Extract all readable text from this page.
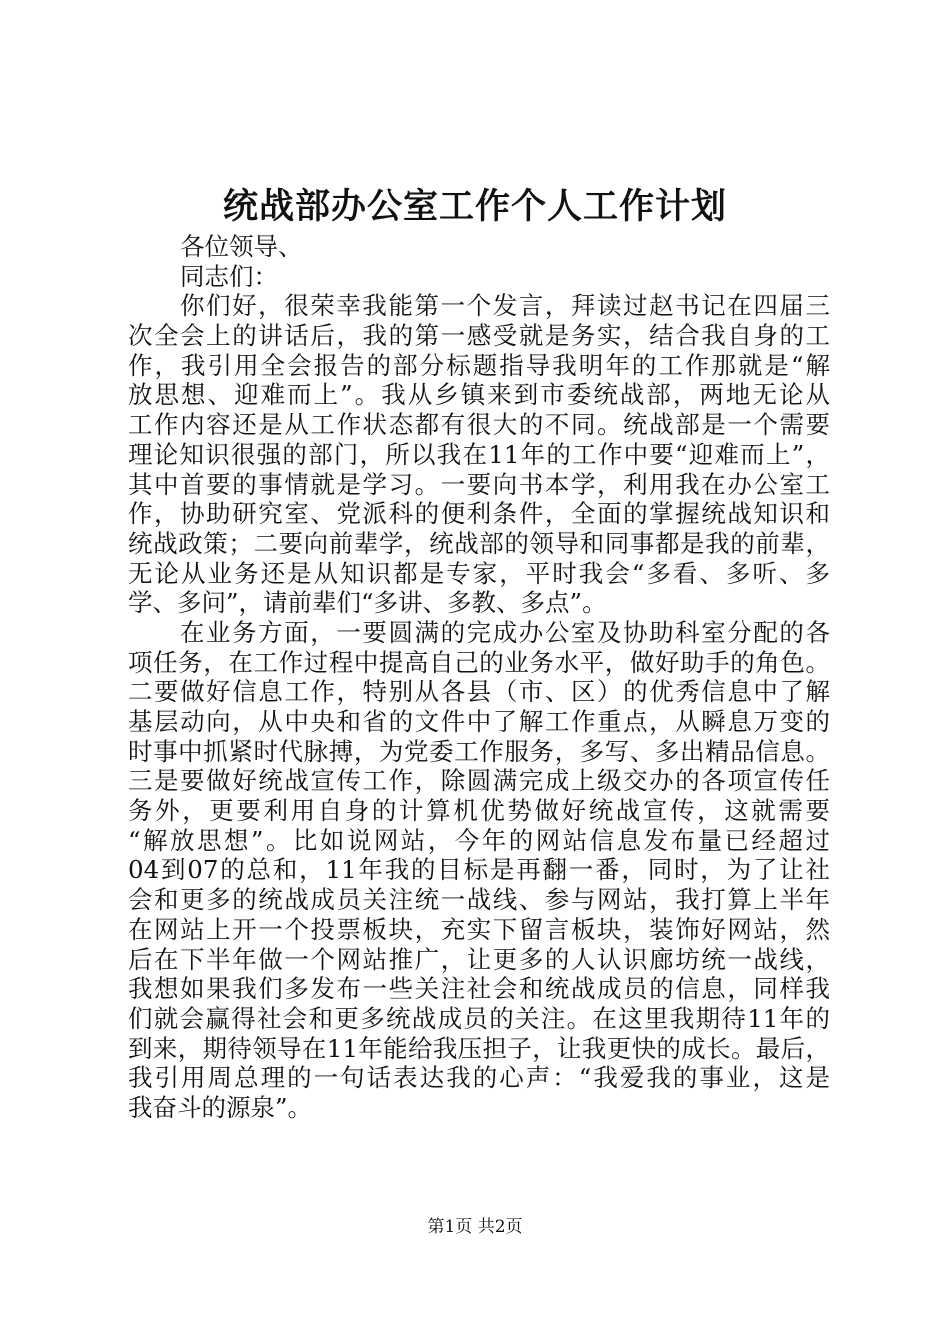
统战部办公室工作个人工作计划
各位领导、
同志们：
你们好，很荣幸我能第一个发言，拜读过赵书记在四届三
次全会上的讲话后，我的第一感受就是务实，结合我自身的工
作，我引用全会报告的部分标题指导我明年的工作那就是“解
放思想、迎难而上”。我从乡镇来到市委统战部，两地无论从
工作内容还是从工作状态都有很大的不同。统战部是一个需要
理论知识很强的部门，所以我在11年的工作中要“迎难而上”，
其中首要的事情就是学习。一要向书本学，利用我在办公室工
作，协助研究室、党派科的便利条件，全面的掌握统战知识和
统战政策；二要向前辈学，统战部的领导和同事都是我的前辈，
无论从业务还是从知识都是专家，平时我会“多看、多听、多
学、多问”，请前辈们“多讲、多教、多点”。
在业务方面，一要圆满的完成办公室及协助科室分配的各
项任务，在工作过程中提高自己的业务水平，做好助手的角色。
二要做好信息工作，特别从各县（市、区）的优秀信息中了解
基层动向，从中央和省的文件中了解工作重点，从瞬息万变的
时事中抓紧时代脉搏，为党委工作服务，多写、多出精品信息。
三是要做好统战宣传工作，除圆满完成上级交办的各项宣传任
务外，更要利用自身的计算机优势做好统战宣传，这就需要
“解放思想”。比如说网站，今年的网站信息发布量已经超过
04到07的总和，11年我的目标是再翻一番，同时，为了让社
会和更多的统战成员关注统一战线、参与网站，我打算上半年
在网站上开一个投票板块，充实下留言板块，装饰好网站，然
后在下半年做一个网站推广，让更多的人认识廊坊统一战线，
我想如果我们多发布一些关注社会和统战成员的信息，同样我
们就会赢得社会和更多统战成员的关注。在这里我期待11年的
到来，期待领导在11年能给我压担子，让我更快的成长。最后，
我引用周总理的一句话表达我的心声：“我爱我的事业，这是
我奋斗的源泉”。
第1页 共2页
